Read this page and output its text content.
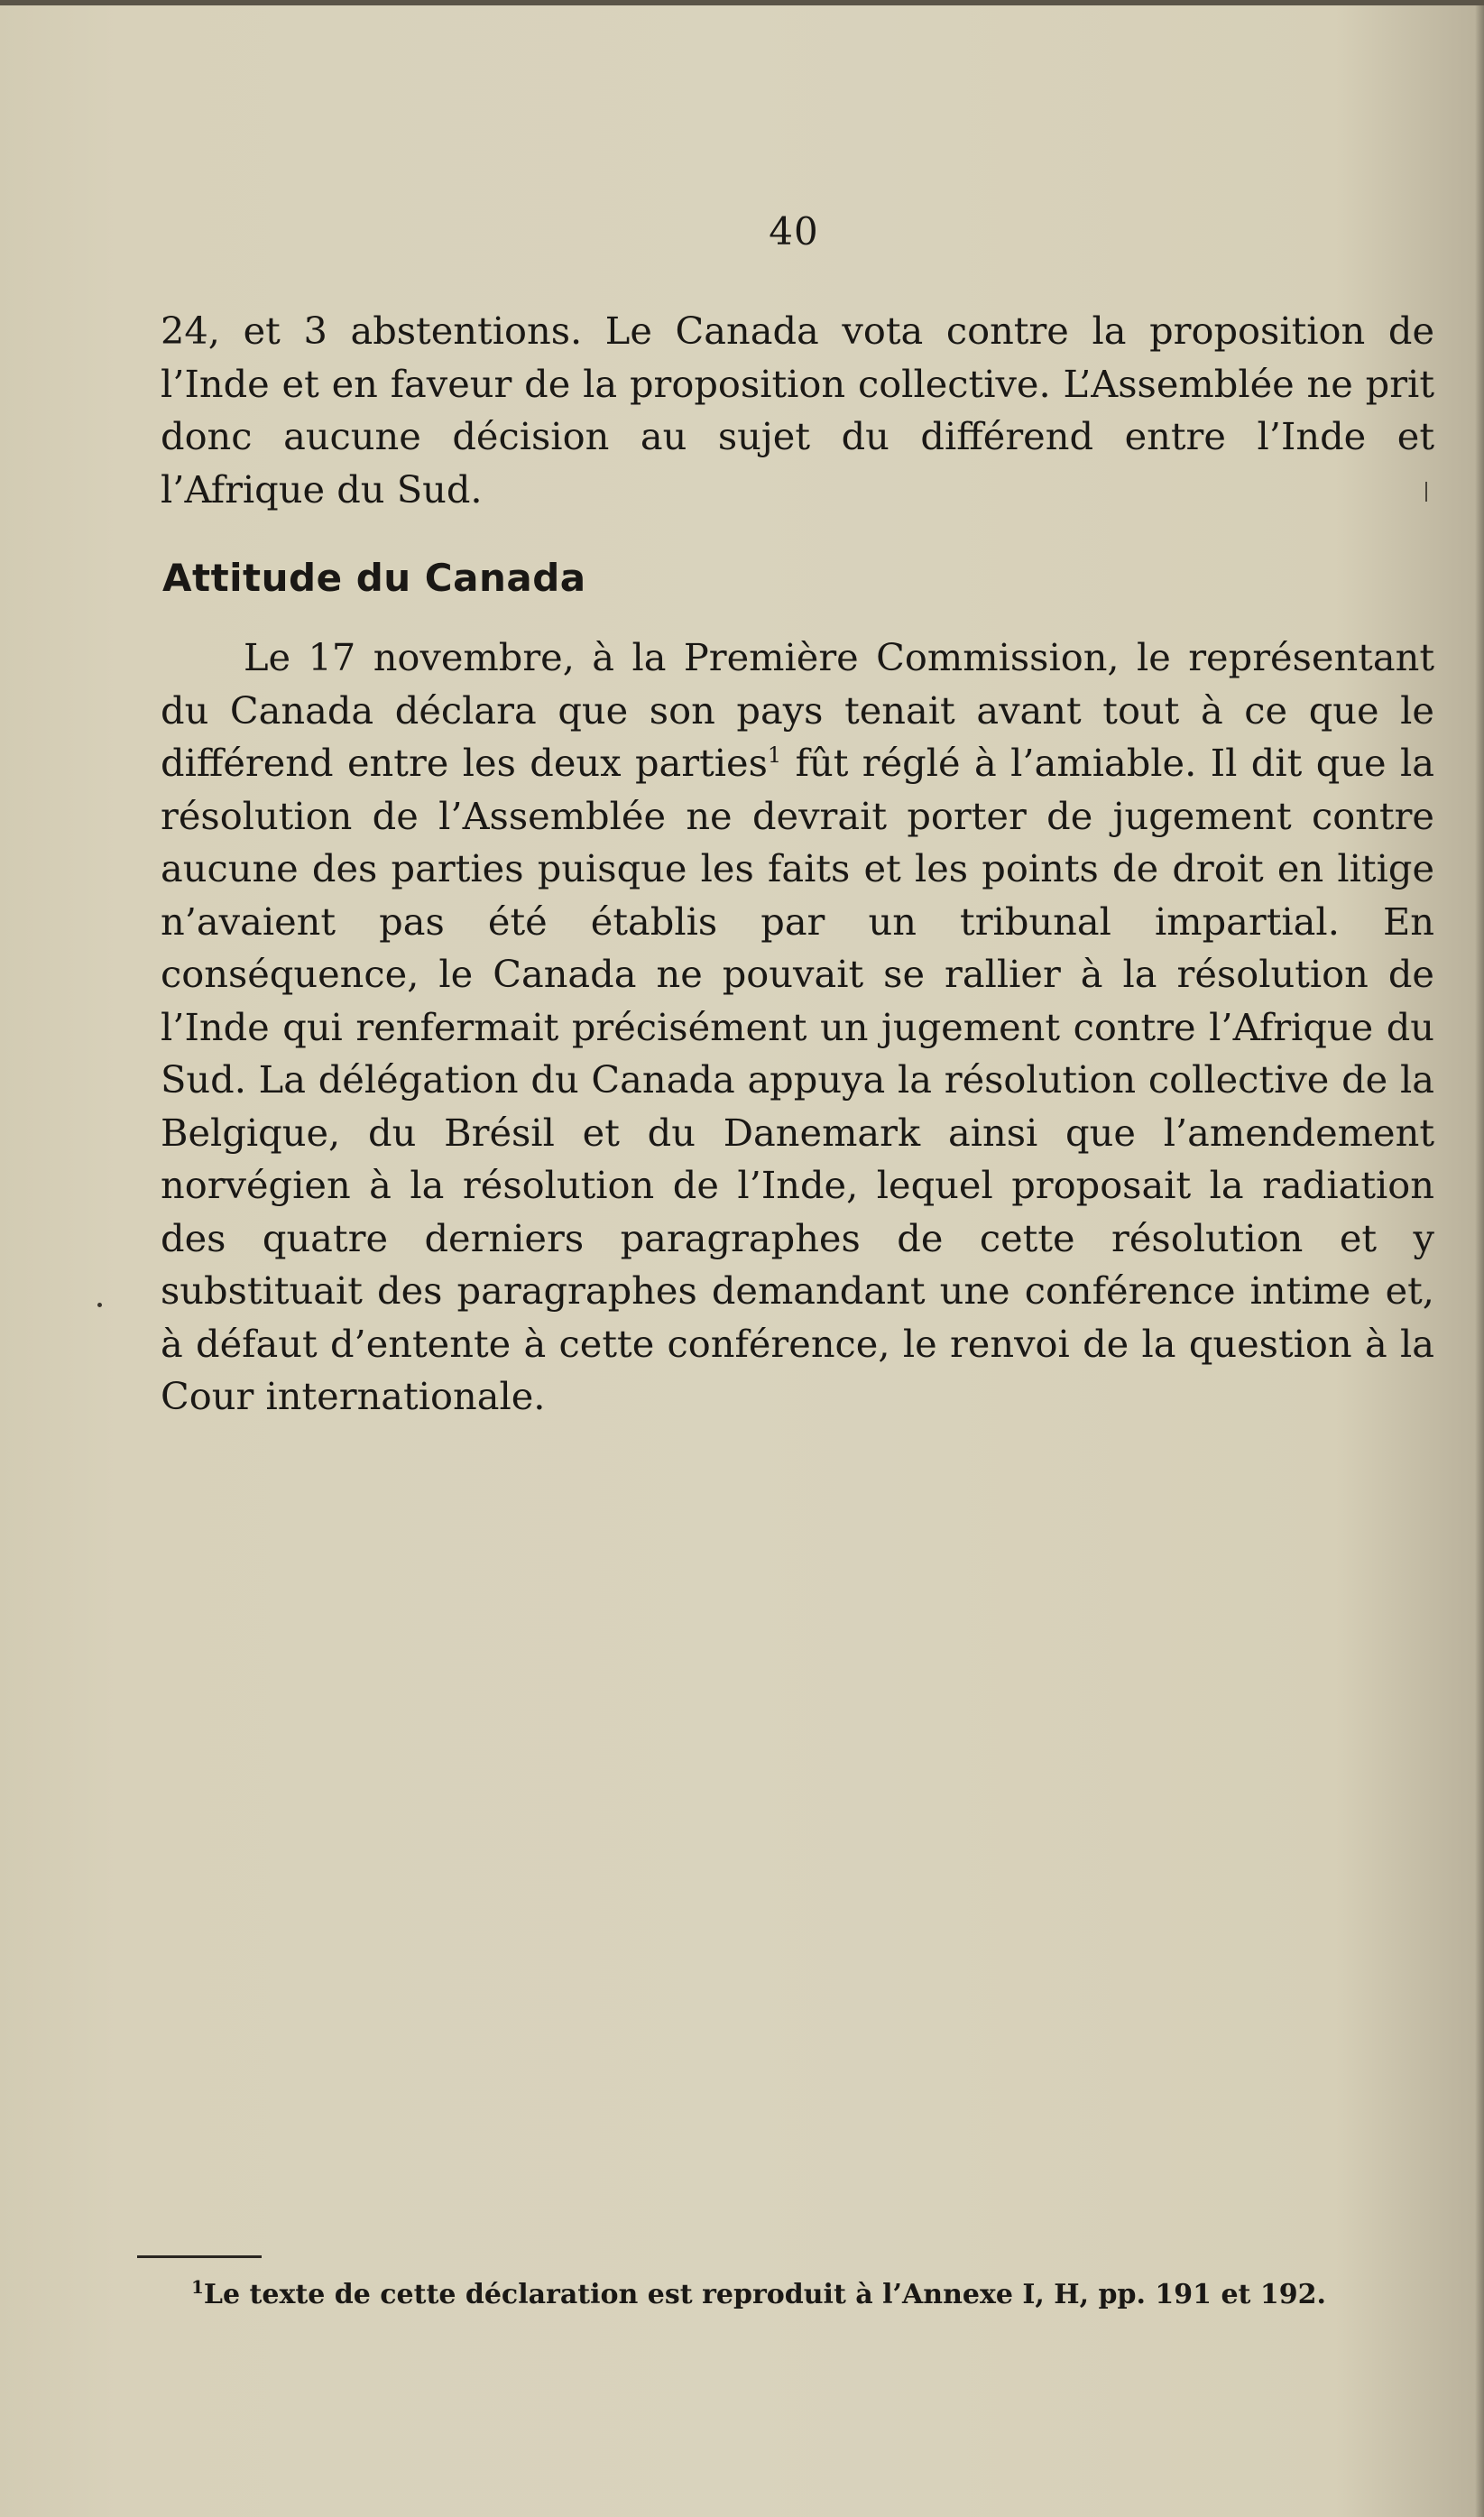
40

24, et 3 abstentions. Le Canada vota contre la proposition de l’Inde et en faveur de la proposition collective. L’Assemblée ne prit donc aucune décision au sujet du différend entre l’Inde et l’Afrique du Sud.

Attitude du Canada

Le 17 novembre, à la Première Commission, le représentant du Canada déclara que son pays tenait avant tout à ce que le différend entre les deux parties$^1$ fût réglé à l’amiable. Il dit que la résolution de l’Assemblée ne devrait porter de jugement contre aucune des parties puisque les faits et les points de droit en litige n’avaient pas été établis par un tribunal impartial. En conséquence, le Canada ne pouvait se rallier à la résolution de l’Inde qui renfermait précisément un jugement contre l’Afrique du Sud. La délégation du Canada appuya la résolution collective de la Belgique, du Brésil et du Danemark ainsi que l’amendement norvégien à la résolution de l’Inde, lequel proposait la radiation des quatre derniers paragraphes de cette résolution et y substituait des paragraphes demandant une conférence intime et, à défaut d’entente à cette conférence, le renvoi de la question à la Cour internationale.

$^1$Le texte de cette déclaration est reproduit à l’Annexe I, H, pp. 191 et 192.
